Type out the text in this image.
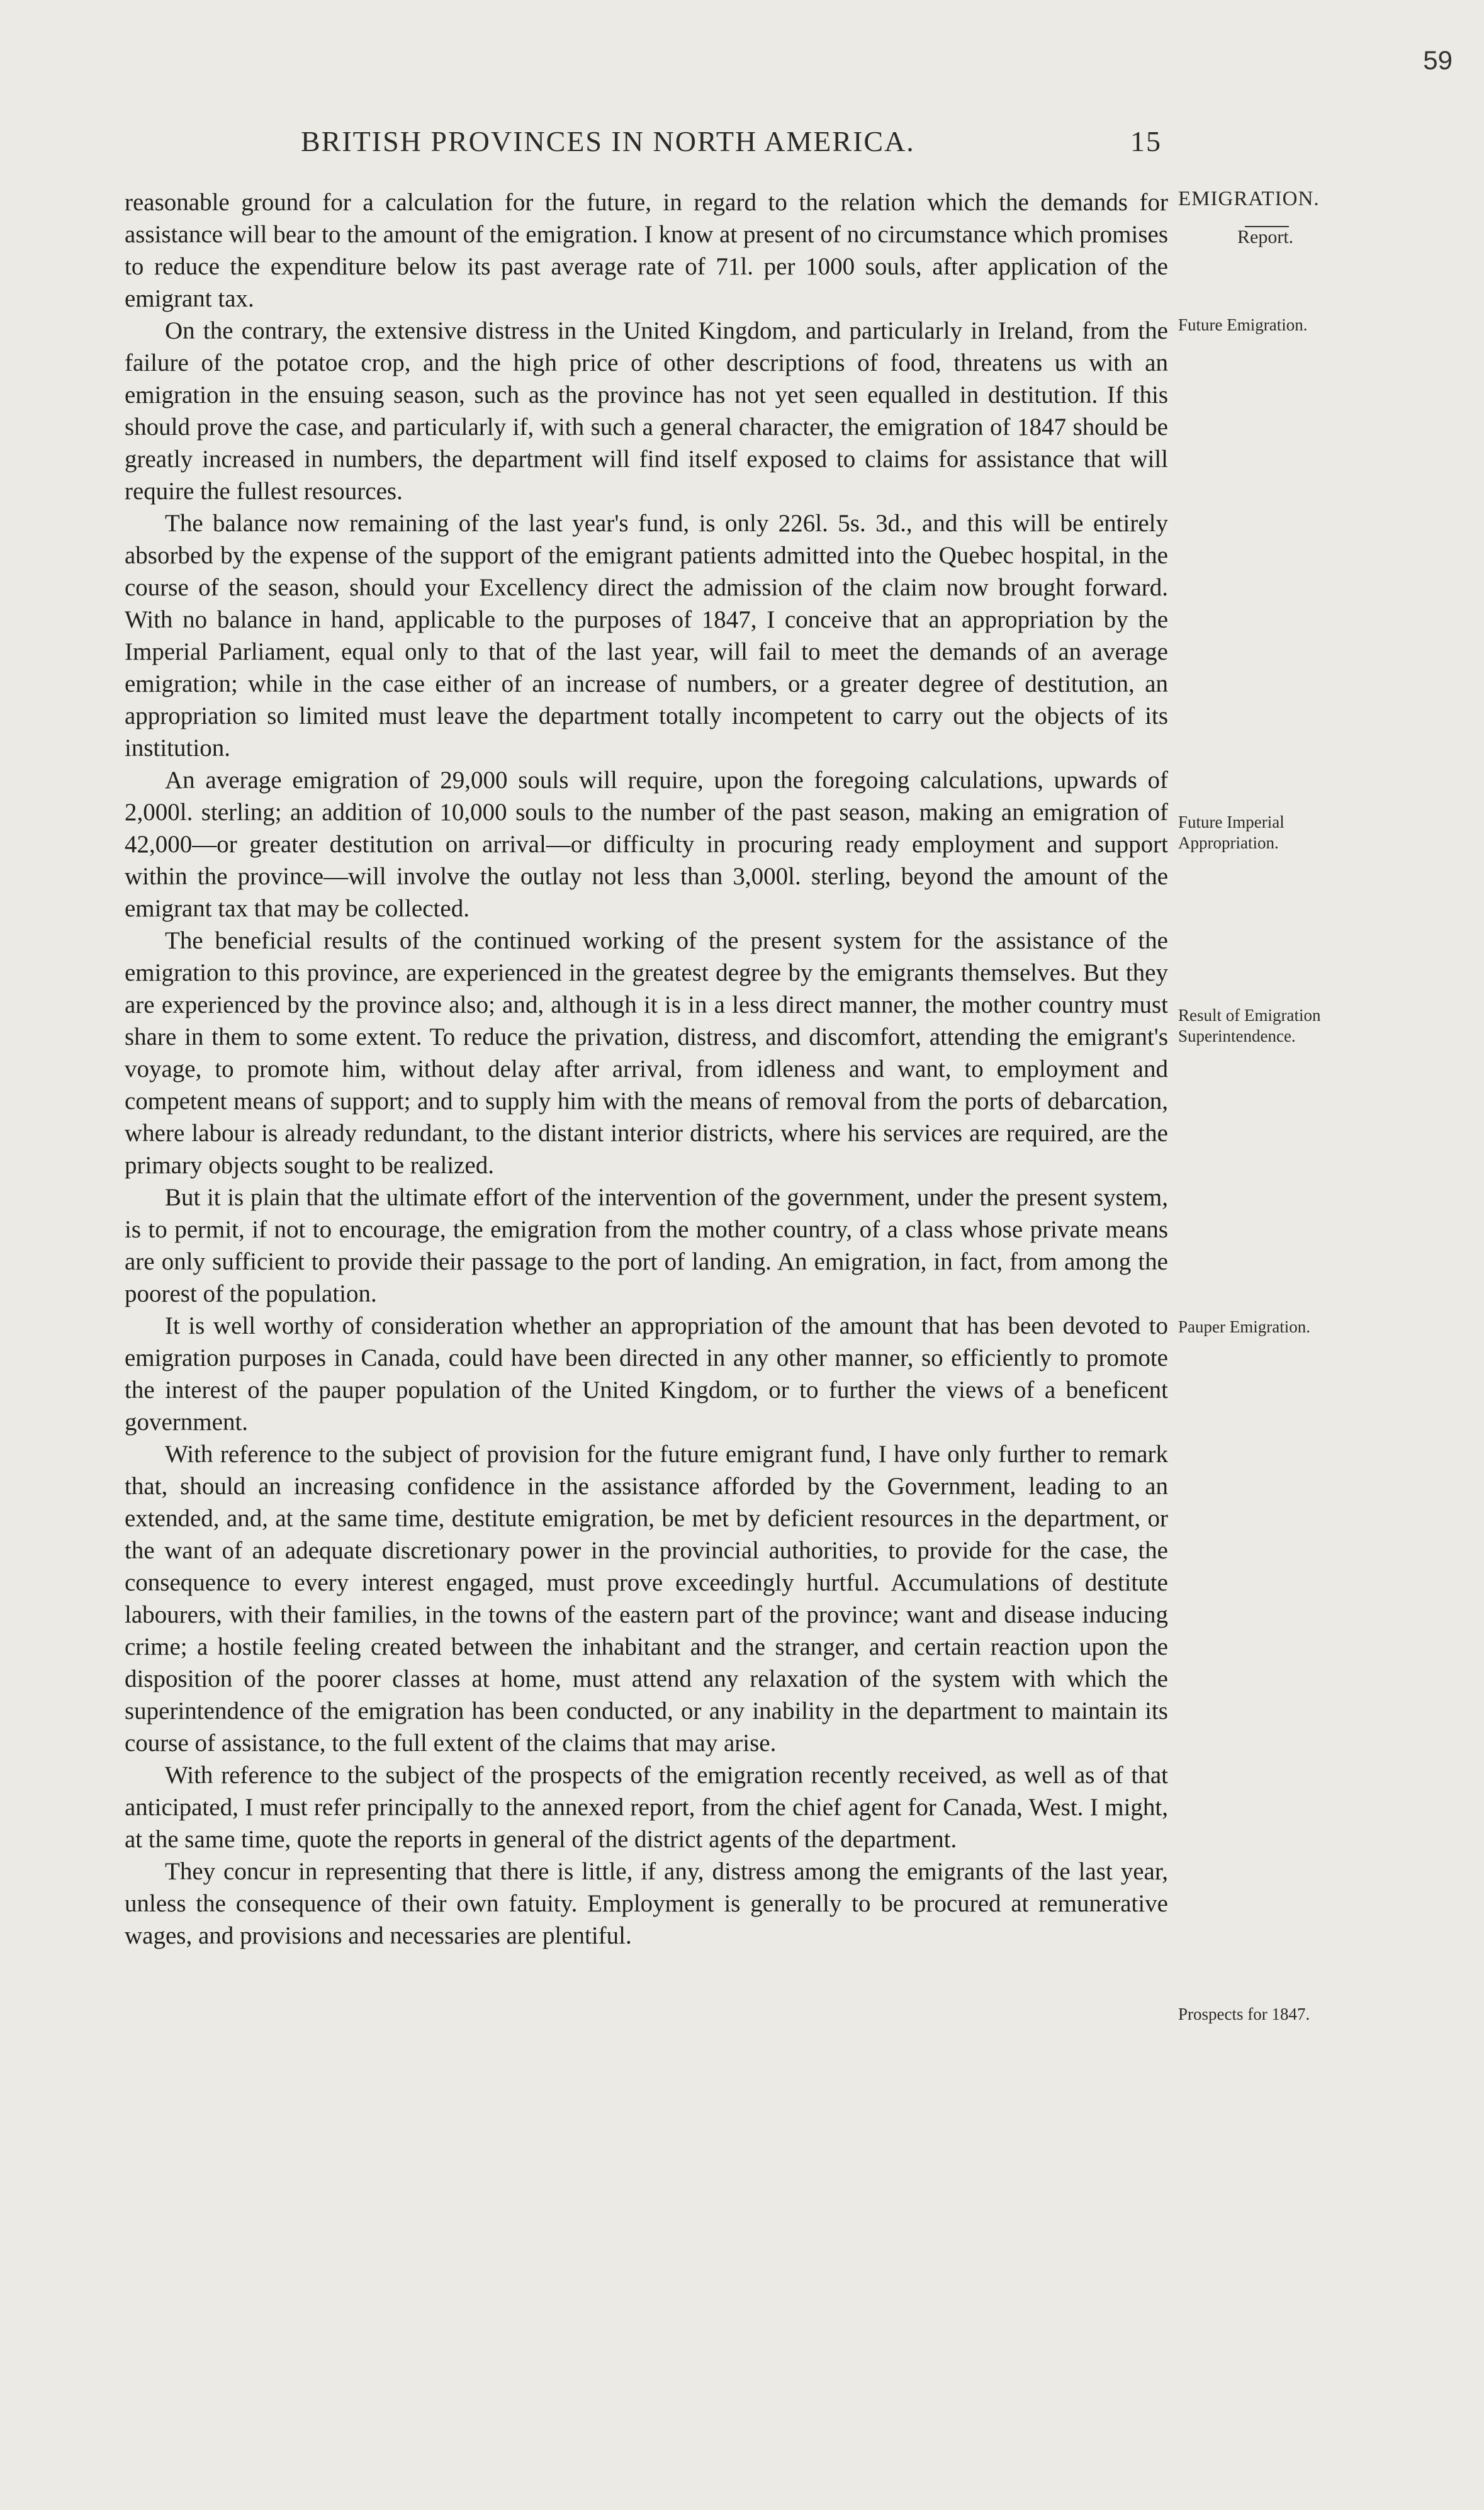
59
BRITISH PROVINCES IN NORTH AMERICA.	15

reasonable ground for a calculation for the future, in regard to the relation which the demands for assistance will bear to the amount of the emigration. I know at present of no circumstance which promises to reduce the expenditure below its past average rate of 71l. per 1000 souls, after application of the emigrant tax.

On the contrary, the extensive distress in the United Kingdom, and particularly in Ireland, from the failure of the potatoe crop, and the high price of other descriptions of food, threatens us with an emigration in the ensuing season, such as the province has not yet seen equalled in destitution. If this should prove the case, and particularly if, with such a general character, the emigration of 1847 should be greatly increased in numbers, the department will find itself exposed to claims for assistance that will require the fullest resources.

The balance now remaining of the last year's fund, is only 226l. 5s. 3d., and this will be entirely absorbed by the expense of the support of the emigrant patients admitted into the Quebec hospital, in the course of the season, should your Excellency direct the admission of the claim now brought forward. With no balance in hand, applicable to the purposes of 1847, I conceive that an appropriation by the Imperial Parliament, equal only to that of the last year, will fail to meet the demands of an average emigration; while in the case either of an increase of numbers, or a greater degree of destitution, an appropriation so limited must leave the department totally incompetent to carry out the objects of its institution.

An average emigration of 29,000 souls will require, upon the foregoing calculations, upwards of 2,000l. sterling; an addition of 10,000 souls to the number of the past season, making an emigration of 42,000—or greater destitution on arrival—or difficulty in procuring ready employment and support within the province—will involve the outlay not less than 3,000l. sterling, beyond the amount of the emigrant tax that may be collected.

The beneficial results of the continued working of the present system for the assistance of the emigration to this province, are experienced in the greatest degree by the emigrants themselves. But they are experienced by the province also; and, although it is in a less direct manner, the mother country must share in them to some extent. To reduce the privation, distress, and discomfort, attending the emigrant's voyage, to promote him, without delay after arrival, from idleness and want, to employment and competent means of support; and to supply him with the means of removal from the ports of debarcation, where labour is already redundant, to the distant interior districts, where his services are required, are the primary objects sought to be realized.

But it is plain that the ultimate effort of the intervention of the government, under the present system, is to permit, if not to encourage, the emigration from the mother country, of a class whose private means are only sufficient to provide their passage to the port of landing. An emigration, in fact, from among the poorest of the population.

It is well worthy of consideration whether an appropriation of the amount that has been devoted to emigration purposes in Canada, could have been directed in any other manner, so efficiently to promote the interest of the pauper population of the United Kingdom, or to further the views of a beneficent government.

With reference to the subject of provision for the future emigrant fund, I have only further to remark that, should an increasing confidence in the assistance afforded by the Government, leading to an extended, and, at the same time, destitute emigration, be met by deficient resources in the department, or the want of an adequate discretionary power in the provincial authorities, to provide for the case, the consequence to every interest engaged, must prove exceedingly hurtful. Accumulations of destitute labourers, with their families, in the towns of the eastern part of the province; want and disease inducing crime; a hostile feeling created between the inhabitant and the stranger, and certain reaction upon the disposition of the poorer classes at home, must attend any relaxation of the system with which the superintendence of the emigration has been conducted, or any inability in the department to maintain its course of assistance, to the full extent of the claims that may arise.

With reference to the subject of the prospects of the emigration recently received, as well as of that anticipated, I must refer principally to the annexed report, from the chief agent for Canada, West. I might, at the same time, quote the reports in general of the district agents of the department.

They concur in representing that there is little, if any, distress among the emigrants of the last year, unless the consequence of their own fatuity. Employment is generally to be procured at remunerative wages, and provisions and necessaries are plentiful.

EMIGRATION.
Report.
Future Emigration.
Future Imperial Appropriation.
Result of Emigration Superintendence.
Pauper Emigration.
Prospects for 1847.
